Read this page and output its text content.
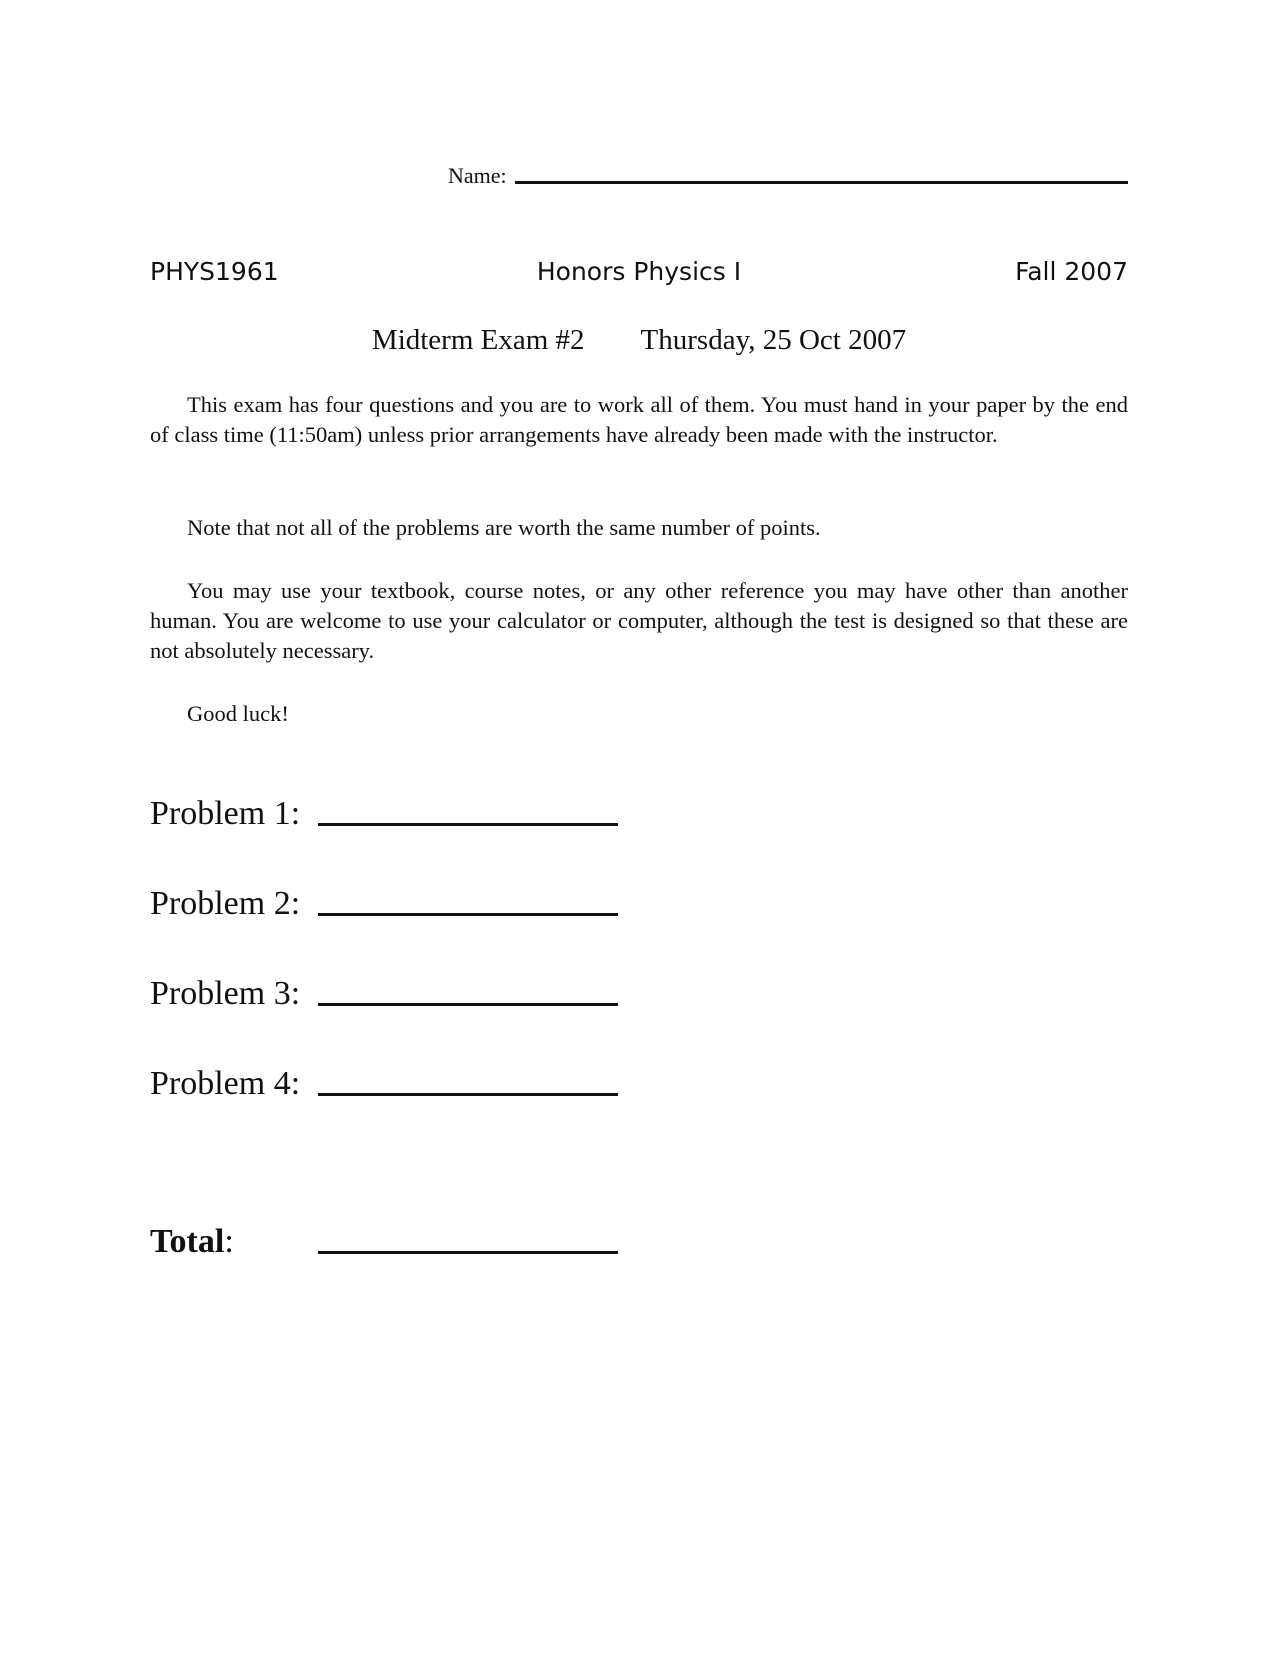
Name:
PHYS1961	Honors Physics I	Fall 2007
Midterm Exam #2 Thursday, 25 Oct 2007

This exam has four questions and you are to work all of them. You must hand in your paper by the end of class time (11:50am) unless prior arrangements have already been made with the instructor.

Note that not all of the problems are worth the same number of points.

You may use your textbook, course notes, or any other reference you may have other than another human. You are welcome to use your calculator or computer, although the test is designed so that these are not absolutely necessary.

Good luck!

Problem 1:
Problem 2:
Problem 3:
Problem 4:
Total:
